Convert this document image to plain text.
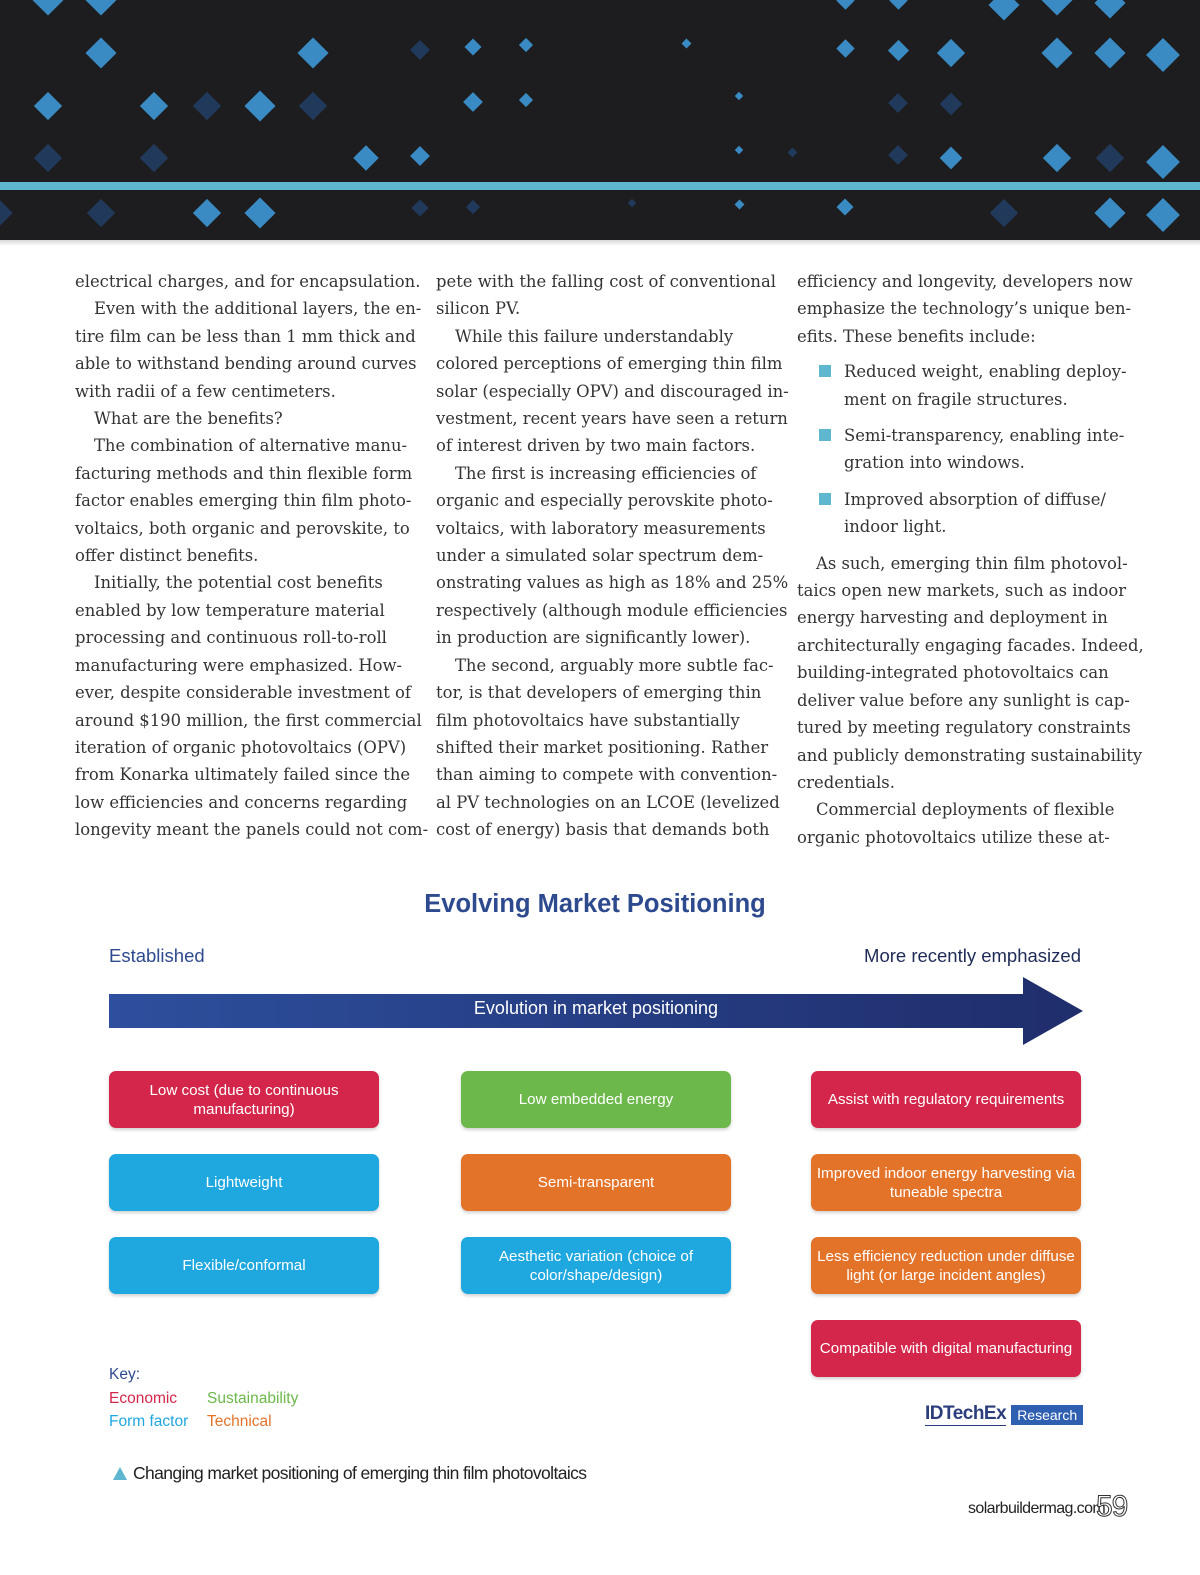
electrical charges, and for encapsulation.

Even with the additional layers, the en-

tire film can be less than 1 mm thick and

able to withstand bending around curves

with radii of a few centimeters.

What are the benefits?

The combination of alternative manu-

facturing methods and thin flexible form

factor enables emerging thin film photo-

voltaics, both organic and perovskite, to

offer distinct benefits.

Initially, the potential cost benefits

enabled by low temperature material

processing and continuous roll-to-roll

manufacturing were emphasized. How-

ever, despite considerable investment of

around $190 million, the first commercial

iteration of organic photovoltaics (OPV)

from Konarka ultimately failed since the

low efficiencies and concerns regarding

longevity meant the panels could not com-

pete with the falling cost of conventional

silicon PV.

While this failure understandably

colored perceptions of emerging thin film

solar (especially OPV) and discouraged in-

vestment, recent years have seen a return

of interest driven by two main factors.

The first is increasing efficiencies of

organic and especially perovskite photo-

voltaics, with laboratory measurements

under a simulated solar spectrum dem-

onstrating values as high as 18% and 25%

respectively (although module efficiencies

in production are significantly lower).

The second, arguably more subtle fac-

tor, is that developers of emerging thin

film photovoltaics have substantially

shifted their market positioning. Rather

than aiming to compete with convention-

al PV technologies on an LCOE (levelized

cost of energy) basis that demands both

efficiency and longevity, developers now

emphasize the technology’s unique ben-

efits. These benefits include:

Reduced weight, enabling deploy-
ment on fragile structures.
Semi-transparency, enabling inte-
gration into windows.
Improved absorption of diffuse/
indoor light.

As such, emerging thin film photovol-

taics open new markets, such as indoor

energy harvesting and deployment in

architecturally engaging facades. Indeed,

building-integrated photovoltaics can

deliver value before any sunlight is cap-

tured by meeting regulatory constraints

and publicly demonstrating sustainability

credentials.

Commercial deployments of flexible

organic photovoltaics utilize these at-

Evolving Market Positioning
Established	More recently emphasized
Evolution in market positioning
Low cost (due to continuous manufacturing)
Lightweight
Flexible/conformal
Low embedded energy
Semi-transparent
Aesthetic variation (choice of color/shape/design)
Assist with regulatory requirements
Improved indoor energy harvesting via tuneable spectra
Less efficiency reduction under diffuse light (or large incident angles)
Compatible with digital manufacturing
Key:
Economic Sustainability
Form factor Technical	IDTechEx Research
Changing market positioning of emerging thin film photovoltaics
solarbuildermag.com
59
